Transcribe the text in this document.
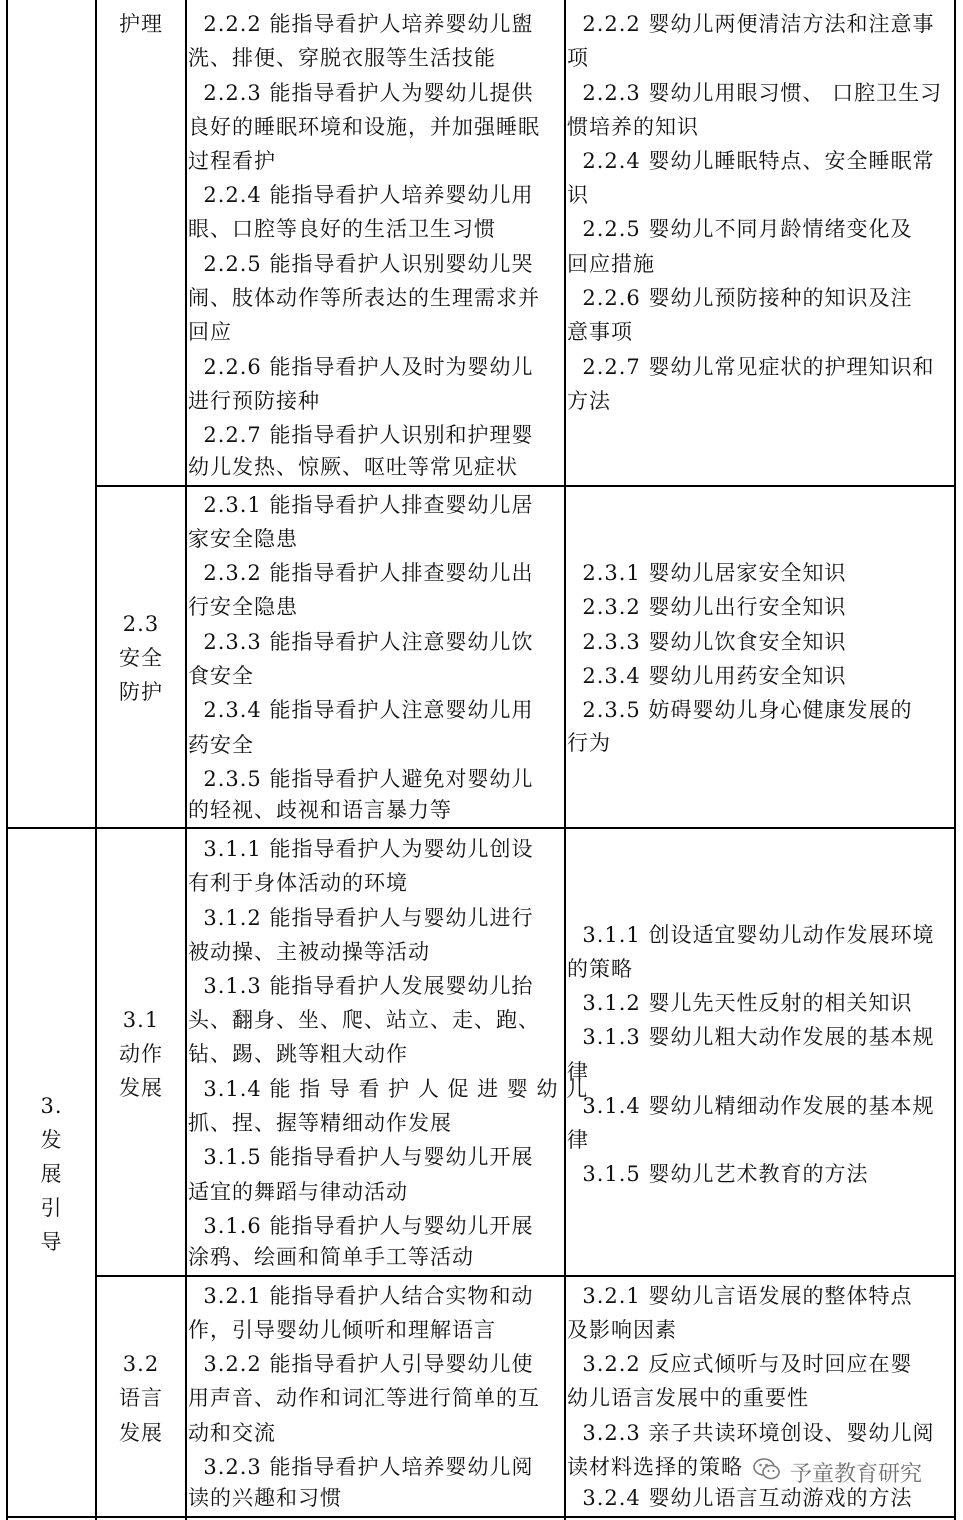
护理	2.2.2 能指导看护人培养婴幼儿盥
洗、排便、穿脱衣服等生活技能
2.2.3 能指导看护人为婴幼儿提供
良好的睡眠环境和设施，并加强睡眠
过程看护
2.2.4 能指导看护人培养婴幼儿用
眼、口腔等良好的生活卫生习惯
2.2.5 能指导看护人识别婴幼儿哭
闹、肢体动作等所表达的生理需求并
回应
2.2.6 能指导看护人及时为婴幼儿
进行预防接种
2.2.7 能指导看护人识别和护理婴
幼儿发热、惊厥、呕吐等常见症状
2.2.2 婴幼儿两便清洁方法和注意事
项
2.2.3 婴幼儿用眼习惯、 口腔卫生习
惯培养的知识
2.2.4 婴幼儿睡眠特点、安全睡眠常
识
2.2.5 婴幼儿不同月龄情绪变化及
回应措施
2.2.6 婴幼儿预防接种的知识及注
意事项
2.2.7 婴幼儿常见症状的护理知识和
方法
2.3
安全
防护
2.3.1 能指导看护人排查婴幼儿居
家安全隐患
2.3.2 能指导看护人排查婴幼儿出
行安全隐患
2.3.3 能指导看护人注意婴幼儿饮
食安全
2.3.4 能指导看护人注意婴幼儿用
药安全
2.3.5 能指导看护人避免对婴幼儿
的轻视、歧视和语言暴力等
2.3.1 婴幼儿居家安全知识
2.3.2 婴幼儿出行安全知识
2.3.3 婴幼儿饮食安全知识
2.3.4 婴幼儿用药安全知识
2.3.5 妨碍婴幼儿身心健康发展的
行为
3.
发
展
引
导
3.1
动作
发展
3.1.1 能指导看护人为婴幼儿创设
有利于身体活动的环境
3.1.2 能指导看护人与婴幼儿进行
被动操、主被动操等活动
3.1.3 能指导看护人发展婴幼儿抬
头、翻身、坐、爬、站立、走、跑、
钻、踢、跳等粗大动作
3.1.4 能 指 导 看 护 人 促 进 婴 幼 儿
抓、捏、握等精细动作发展
3.1.5 能指导看护人与婴幼儿开展
适宜的舞蹈与律动活动
3.1.6 能指导看护人与婴幼儿开展
涂鸦、绘画和简单手工等活动
3.1.1 创设适宜婴幼儿动作发展环境
的策略
3.1.2 婴儿先天性反射的相关知识
3.1.3 婴幼儿粗大动作发展的基本规
律
3.1.4 婴幼儿精细动作发展的基本规
律
3.1.5 婴幼儿艺术教育的方法
3.2
语言
发展
3.2.1 能指导看护人结合实物和动
作，引导婴幼儿倾听和理解语言
3.2.2 能指导看护人引导婴幼儿使
用声音、动作和词汇等进行简单的互
动和交流
3.2.3 能指导看护人培养婴幼儿阅
读的兴趣和习惯
3.2.1 婴幼儿言语发展的整体特点
及影响因素
3.2.2 反应式倾听与及时回应在婴
幼儿语言发展中的重要性
3.2.3 亲子共读环境创设、婴幼儿阅
读材料选择的策略
3.2.4 婴幼儿语言互动游戏的方法
予童教育研究
